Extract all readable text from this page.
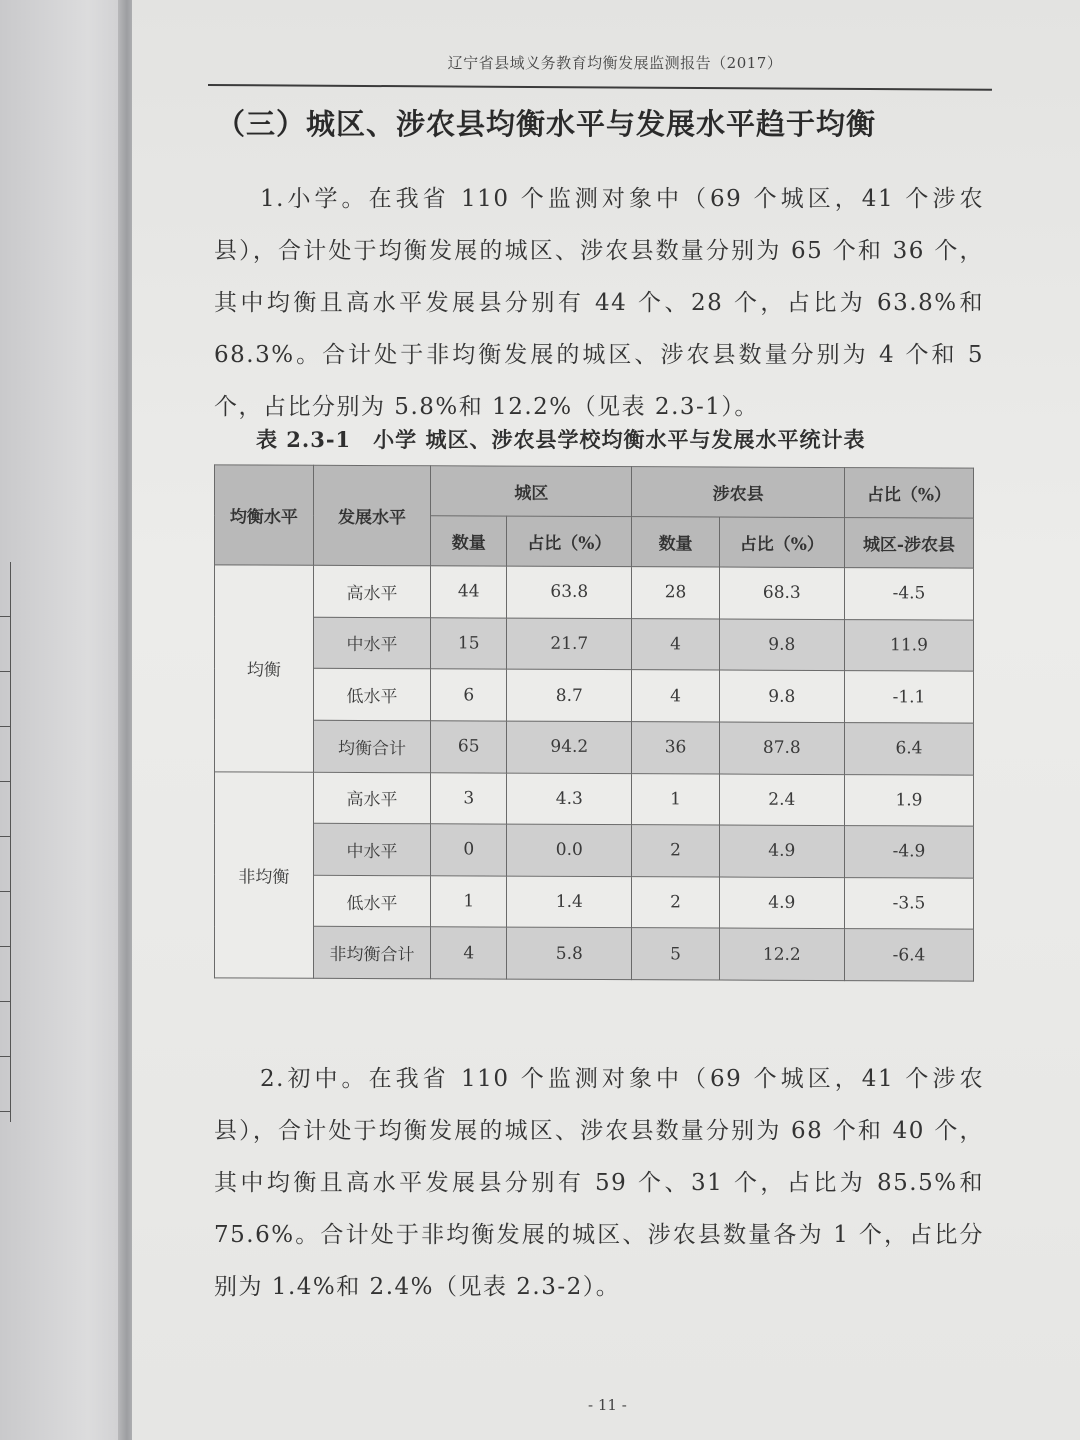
辽宁省县域义务教育均衡发展监测报告（2017）
（三）城区、涉农县均衡水平与发展水平趋于均衡

1.小学。在我省 110 个监测对象中（69 个城区，41 个涉农县），合计处于均衡发展的城区、涉农县数量分别为 65 个和 36 个，其中均衡且高水平发展县分别有 44 个、28 个，占比为 63.8%和 68.3%。合计处于非均衡发展的城区、涉农县数量分别为 4 个和 5 个，占比分别为 5.8%和 12.2%（见表 2.3-1）。

表 2.3-1　小学 城区、涉农县学校均衡水平与发展水平统计表
均衡水平	发展水平	城区		涉农县		占比（%）
		数量	占比（%）	数量	占比（%）	城区-涉农县
均衡	高水平	44	63.8	28	68.3	-4.5
	中水平	15	21.7	4	9.8	11.9
	低水平	6	8.7	4	9.8	-1.1
	均衡合计	65	94.2	36	87.8	6.4
非均衡	高水平	3	4.3	1	2.4	1.9
	中水平	0	0.0	2	4.9	-4.9
	低水平	1	1.4	2	4.9	-3.5
	非均衡合计	4	5.8	5	12.2	-6.4

2.初中。在我省 110 个监测对象中（69 个城区，41 个涉农县），合计处于均衡发展的城区、涉农县数量分别为 68 个和 40 个，其中均衡且高水平发展县分别有 59 个、31 个，占比为 85.5%和 75.6%。合计处于非均衡发展的城区、涉农县数量各为 1 个，占比分别为 1.4%和 2.4%（见表 2.3-2）。

- 11 -
